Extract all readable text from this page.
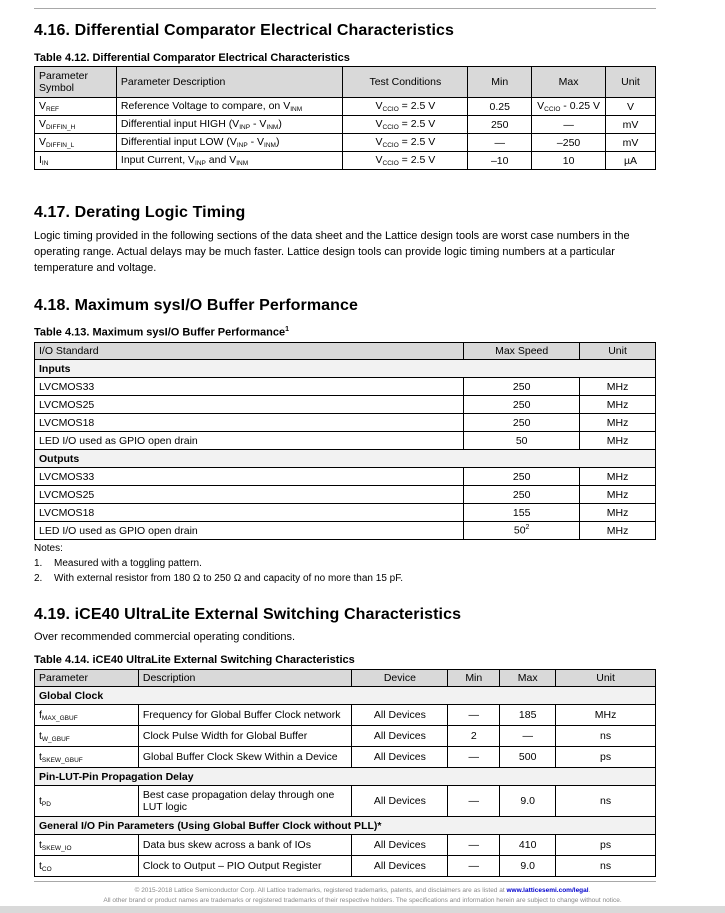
4.16. Differential Comparator Electrical Characteristics

Table 4.12. Differential Comparator Electrical Characteristics

Parameter Symbol	Parameter Description	Test Conditions	Min	Max	Unit
$V_{REF}$	Reference Voltage to compare, on $V_{INM}$	$V_{CCIO} = 2.5$ V	0.25	$V_{CCIO} - 0.25$ V	V
$V_{DIFFIN\_H}$	Differential input HIGH $(V_{INP} - V_{INM})$	$V_{CCIO} = 2.5$ V	250	—	mV
$V_{DIFFIN\_L}$	Differential input LOW $(V_{INP} - V_{INM})$	$V_{CCIO} = 2.5$ V	—	–250	mV
$I_{IN}$	Input Current, $V_{INP}$ and $V_{INM}$	$V_{CCIO} = 2.5$ V	–10	10	µA
4.17. Derating Logic Timing

Logic timing provided in the following sections of the data sheet and the Lattice design tools are worst case numbers in the operating range. Actual delays may be much faster. Lattice design tools can provide logic timing numbers at a particular temperature and voltage.

4.18. Maximum sysI/O Buffer Performance

Table 4.13. Maximum sysI/O Buffer Performance$^1$

I/O Standard	Max Speed	Unit
Inputs		
LVCMOS33	250	MHz
LVCMOS25	250	MHz
LVCMOS18	250	MHz
LED I/O used as GPIO open drain	50	MHz
Outputs		
LVCMOS33	250	MHz
LVCMOS25	250	MHz
LVCMOS18	155	MHz
LED I/O used as GPIO open drain	$50^2$	MHz
Notes:
1. Measured with a toggling pattern.
2. With external resistor from 180 Ω to 250 Ω and capacity of no more than 15 pF.
4.19. iCE40 UltraLite External Switching Characteristics

Over recommended commercial operating conditions.

Table 4.14. iCE40 UltraLite External Switching Characteristics

Parameter	Description	Device	Min	Max	Unit
Global Clock					
$f_{MAX\_GBUF}$	Frequency for Global Buffer Clock network	All Devices	—	185	MHz
$t_{W\_GBUF}$	Clock Pulse Width for Global Buffer	All Devices	2	—	ns
$t_{SKEW\_GBUF}$	Global Buffer Clock Skew Within a Device	All Devices	—	500	ps
Pin-LUT-Pin Propagation Delay					
$t_{PD}$	Best case propagation delay through one LUT logic	All Devices	—	9.0	ns
General I/O Pin Parameters (Using Global Buffer Clock without PLL)*					
$t_{SKEW\_IO}$	Data bus skew across a bank of IOs	All Devices	—	410	ps
$t_{CO}$	Clock to Output – PIO Output Register	All Devices	—	9.0	ns
© 2015-2018 Lattice Semiconductor Corp. All Lattice trademarks, registered trademarks, patents, and disclaimers are as listed at www.latticesemi.com/legal.
All other brand or product names are trademarks or registered trademarks of their respective holders. The specifications and information herein are subject to change without notice.
